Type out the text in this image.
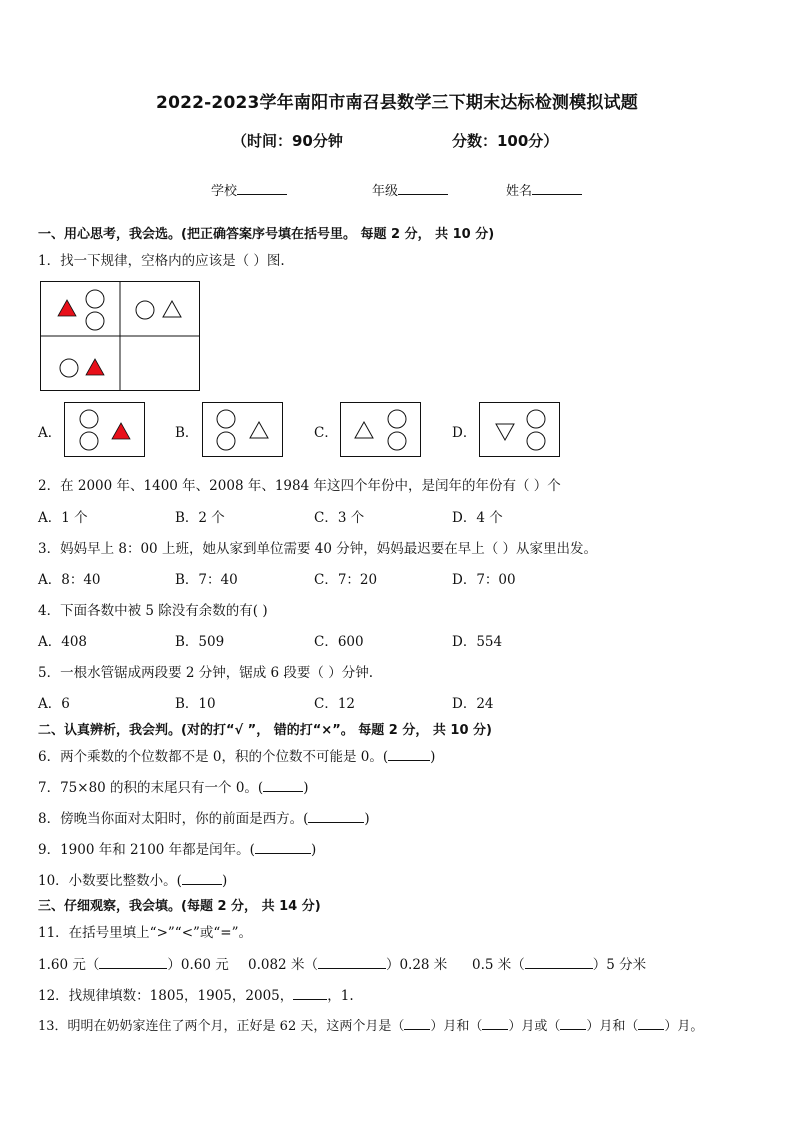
2022-2023学年南阳市南召县数学三下期末达标检测模拟试题
（时间：90分钟	分数：100分）
学校	年级	姓名
一、用心思考，我会选。(把正确答案序号填在括号里。 每题 2 分， 共 10 分)
1．找一下规律，空格内的应该是（ ）图.
A．	B．	C．	D．
2．在 2000 年、1400 年、2008 年、1984 年这四个年份中，是闰年的年份有（ ）个
A．1 个	B．2 个	C．3 个	D．4 个
3．妈妈早上 8：00 上班，她从家到单位需要 40 分钟，妈妈最迟要在早上（ ）从家里出发。
A．8：40	B．7：40	C．7：20	D．7：00
4．下面各数中被 5 除没有余数的有( )
A．408	B．509	C．600	D．554
5．一根水管锯成两段要 2 分钟，锯成 6 段要（ ）分钟.
A．6	B．10	C．12	D．24
二、认真辨析，我会判。(对的打“√ ”， 错的打“×”。 每题 2 分， 共 10 分)
6．两个乘数的个位数都不是 0，积的个位数不可能是 0。(	)
7．75×80 的积的末尾只有一个 0。(	)
8．傍晚当你面对太阳时，你的前面是西方。(	)
9．1900 年和 2100 年都是闰年。(	)
10．小数要比整数小。(	)
三、仔细观察，我会填。(每题 2 分， 共 14 分)
11．在括号里填上“>”“<”或“=”。
1.60 元（	）0.60 元 0.082 米（	）0.28 米 0.5 米（	）5 分米
12．找规律填数：1805，1905，2005，	，1.
13．明明在奶奶家连住了两个月，正好是 62 天，这两个月是（ ）月和（ ）月或（ ）月和（ ）月。
